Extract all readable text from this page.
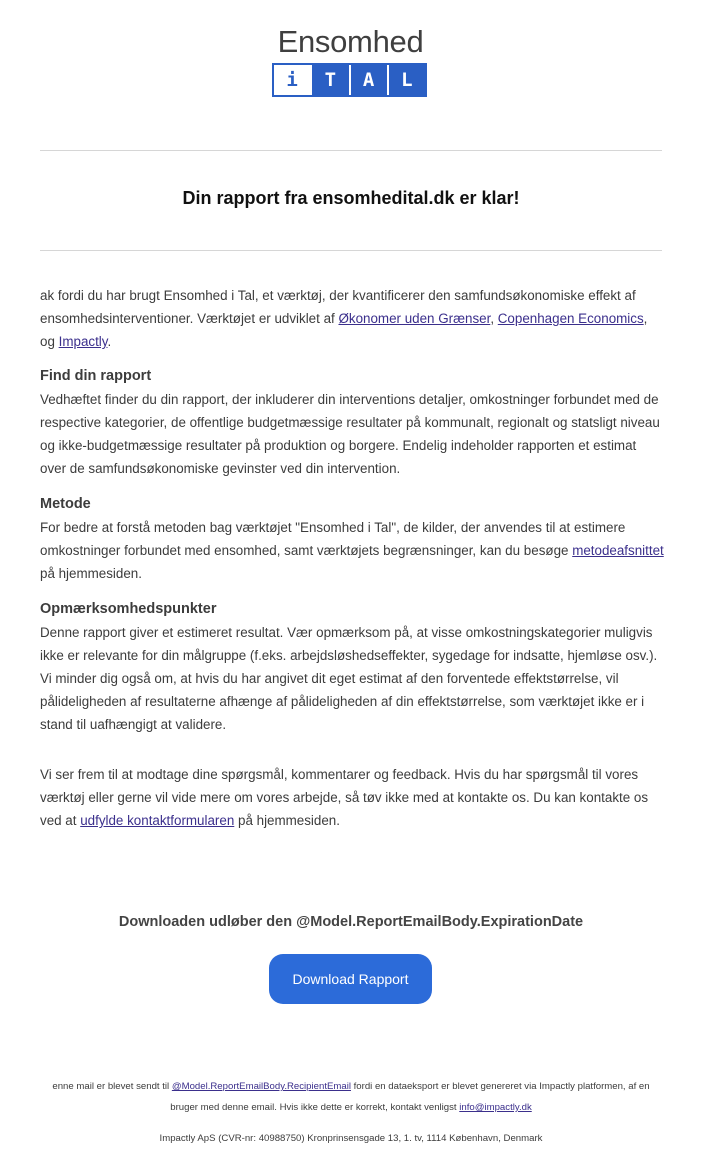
Ensomhed
i	T	A	L
Din rapport fra ensomhedital.dk er klar!

ak fordi du har brugt Ensomhed i Tal, et værktøj, der kvantificerer den samfundsøkonomiske effekt af ensomhedsinterventioner. Værktøjet er udviklet af Økonomer uden Grænser, Copenhagen Economics, og Impactly.

Find din rapport

Vedhæftet finder du din rapport, der inkluderer din interventions detaljer, omkostninger forbundet med de respective kategorier, de offentlige budgetmæssige resultater på kommunalt, regionalt og statsligt niveau og ikke-budgetmæssige resultater på produktion og borgere. Endelig indeholder rapporten et estimat over de samfundsøkonomiske gevinster ved din intervention.

Metode

For bedre at forstå metoden bag værktøjet "Ensomhed i Tal", de kilder, der anvendes til at estimere omkostninger forbundet med ensomhed, samt værktøjets begrænsninger, kan du besøge metodeafsnittet på hjemmesiden.

Opmærksomhedspunkter

Denne rapport giver et estimeret resultat. Vær opmærksom på, at visse omkostningskategorier muligvis ikke er relevante for din målgruppe (f.eks. arbejdsløshedseffekter, sygedage for indsatte, hjemløse osv.). Vi minder dig også om, at hvis du har angivet dit eget estimat af den forventede effektstørrelse, vil pålideligheden af resultaterne afhænge af pålideligheden af din effektstørrelse, som værktøjet ikke er i stand til uafhængigt at validere.

Vi ser frem til at modtage dine spørgsmål, kommentarer og feedback. Hvis du har spørgsmål til vores værktøj eller gerne vil vide mere om vores arbejde, så tøv ikke med at kontakte os. Du kan kontakte os ved at udfylde kontaktformularen på hjemmesiden.

Downloaden udløber den @Model.ReportEmailBody.ExpirationDate
Download Rapport
enne mail er blevet sendt til @Model.ReportEmailBody.RecipientEmail fordi en dataeksport er blevet genereret via Impactly platformen, af en bruger med denne email. Hvis ikke dette er korrekt, kontakt venligst info@impactly.dk
Impactly ApS (CVR-nr: 40988750) Kronprinsensgade 13, 1. tv, 1114 København, Denmark
